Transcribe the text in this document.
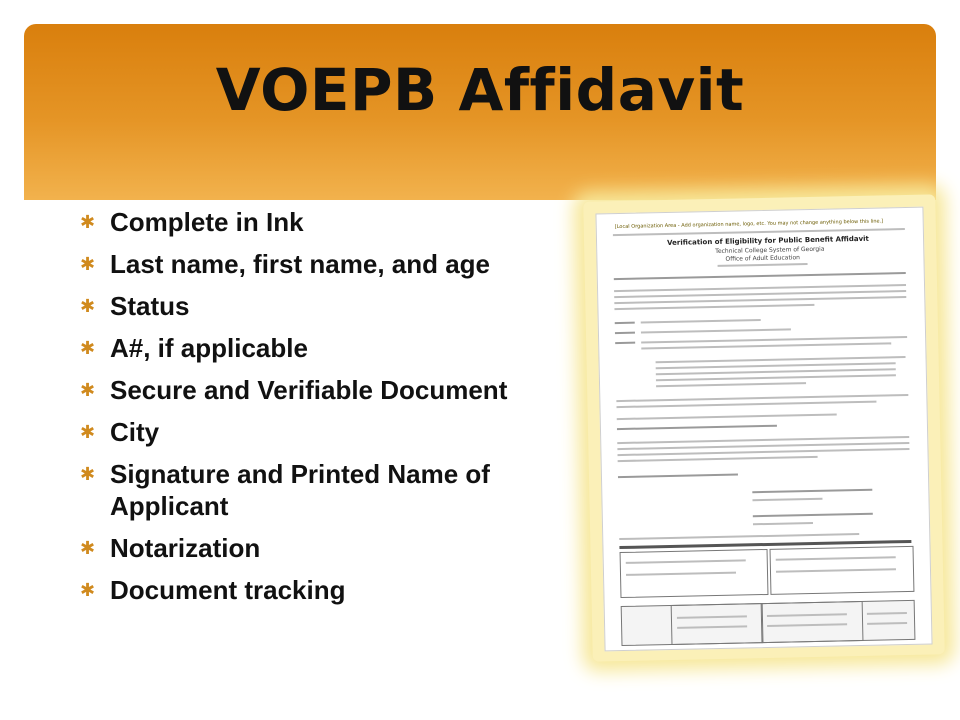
VOEPB Affidavit
✱ Complete in Ink
✱ Last name, first name, and age
✱ Status
✱ A#, if applicable
✱ Secure and Verifiable Document
✱ City
✱ Signature and Printed Name of Applicant
✱ Notarization
✱ Document tracking
[Local Organization Area - Add organization name, logo, etc. You may not change anything below this line.]
Verification of Eligibility for Public Benefit Affidavit
Technical College System of Georgia
Office of Adult Education
